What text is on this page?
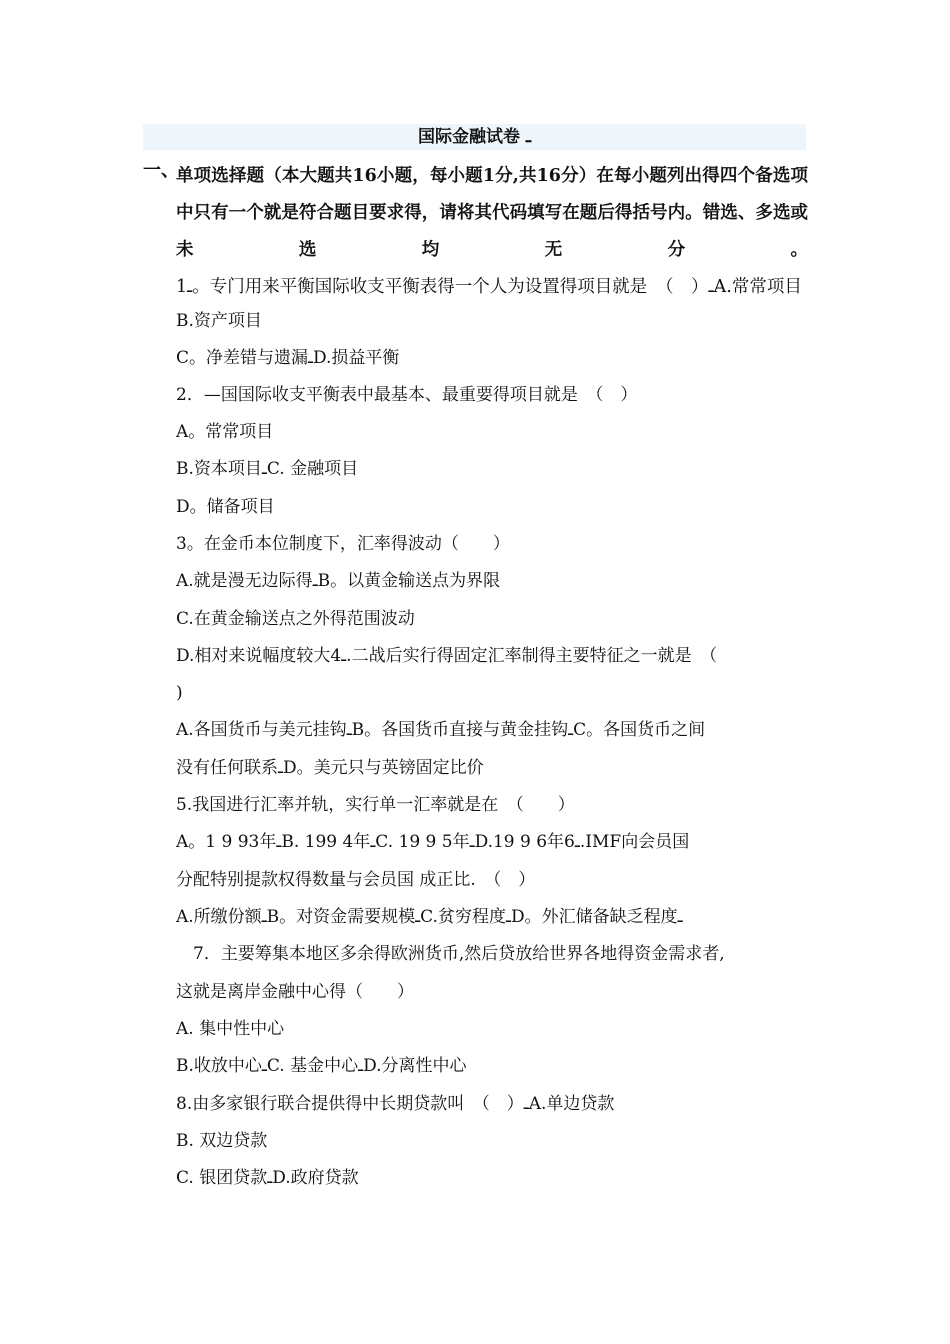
国际金融试卷 ـ
一、
单项选择题（本大题共16小题，每小题1分,共16分）在每小题列出得四个备选项中只有一个就是符合题目要求得，请将其代码填写在题后得括号内。错选、多选或未选均无分。1ـ。专门用来平衡国际收支平衡表得一个人为设置得项目就是　（　）ـA.常常项目
B.资产项目
C。净差错与遗漏ـD.损益平衡
2．—国国际收支平衡表中最基本、最重要得项目就是　（　）
A。常常项目
B.资本项目ـC. 金融项目
D。储备项目
3。在金币本位制度下，汇率得波动（　　）
A.就是漫无边际得ـB。以黄金输送点为界限
C.在黄金输送点之外得范围波动
D.相对来说幅度较大4ـ.二战后实行得固定汇率制得主要特征之一就是　（
)
A.各国货币与美元挂钩ـB。各国货币直接与黄金挂钩ـC。各国货币之间
没有任何联系ـD。美元只与英镑固定比价
5.我国进行汇率并轨，实行单一汇率就是在　（　　）
A。1 9 93年ـB. 199 4年ـC. 19 9 5年ـD.19 9 6年6ـ.IMF向会员国
分配特别提款权得数量与会员国 成正比.　（　）
A.所缴份额ـB。对资金需要规模ـC.贫穷程度ـD。外汇储备缺乏程度ـ
　7．主要筹集本地区多余得欧洲货币,然后贷放给世界各地得资金需求者,
这就是离岸金融中心得（　　）
A. 集中性中心
B.收放中心ـC. 基金中心ـD.分离性中心
8.由多家银行联合提供得中长期贷款叫　（　）ـA.单边贷款
B. 双边贷款
C. 银团贷款ـD.政府贷款
